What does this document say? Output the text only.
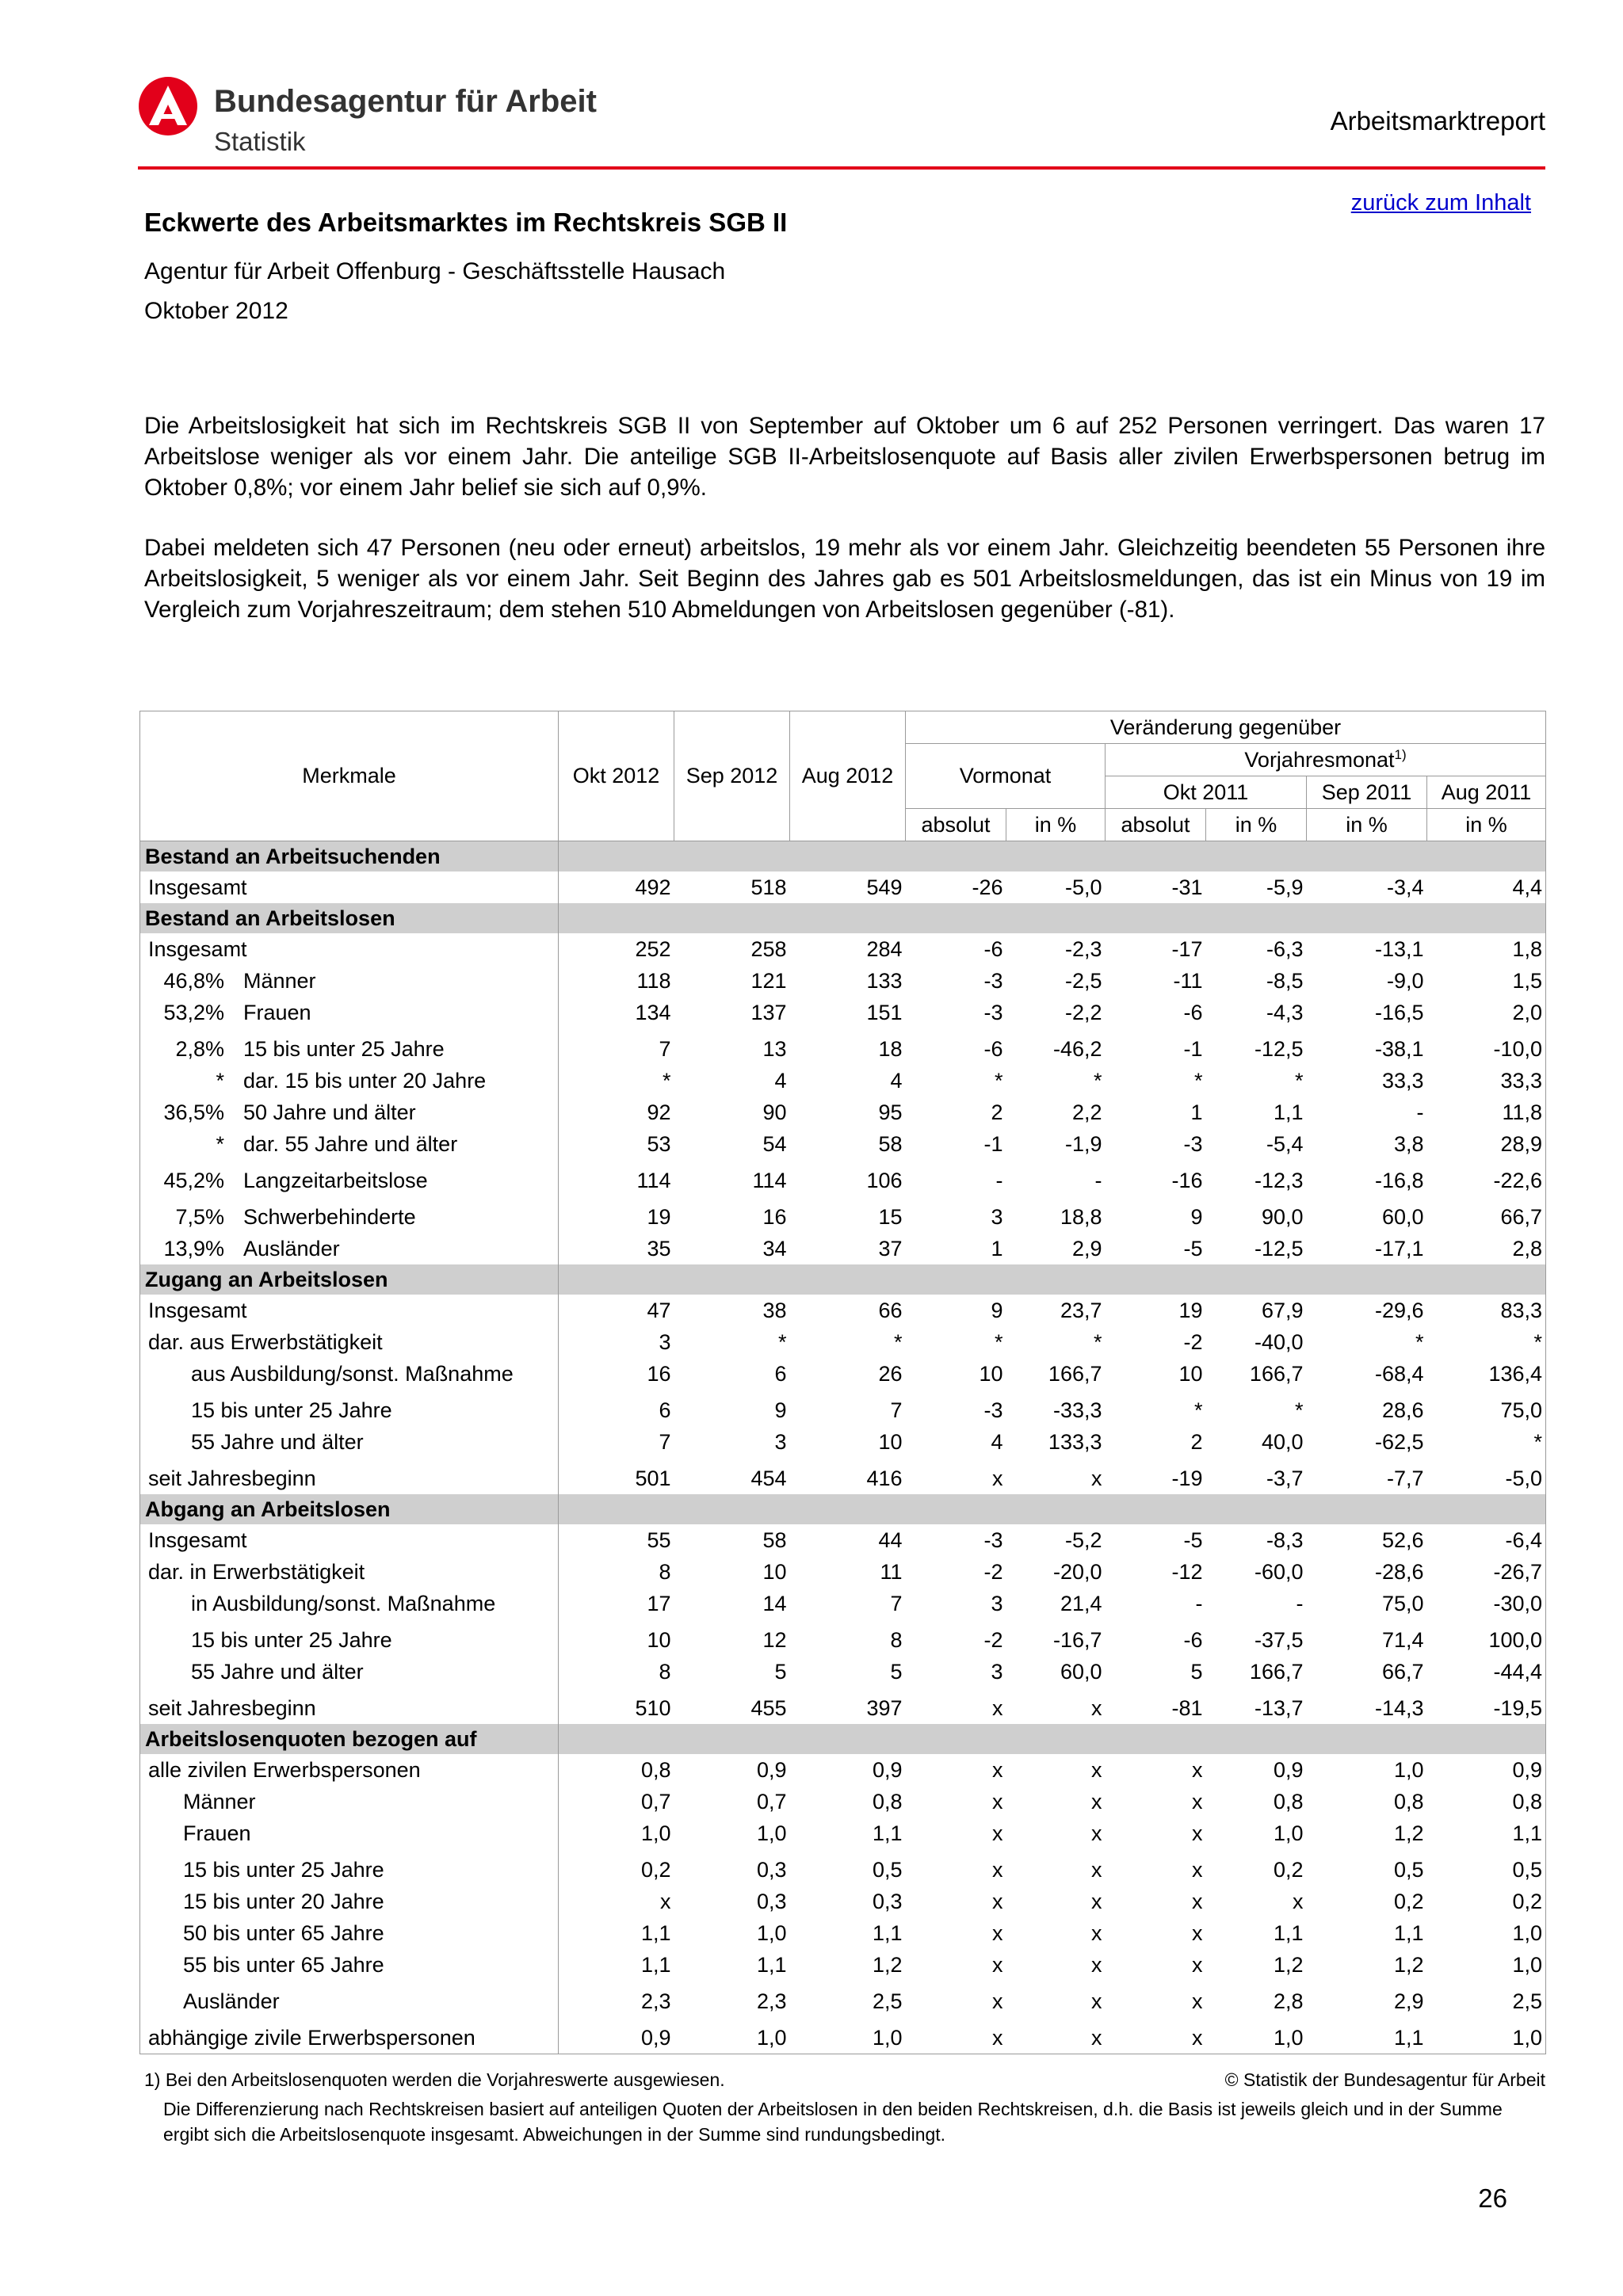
Bundesagentur für Arbeit
Statistik
Arbeitsmarktreport
zurück zum Inhalt
Eckwerte des Arbeitsmarktes im Rechtskreis SGB II
Agentur für Arbeit Offenburg - Geschäftsstelle Hausach
Oktober 2012

Die Arbeitslosigkeit hat sich im Rechtskreis SGB II von September auf Oktober um 6 auf 252 Personen verringert. Das waren 17 Arbeitslose weniger als vor einem Jahr. Die anteilige SGB II-Arbeitslosenquote auf Basis aller zivilen Erwerbspersonen betrug im Oktober 0,8%; vor einem Jahr belief sie sich auf 0,9%.

Dabei meldeten sich 47 Personen (neu oder erneut) arbeitslos, 19 mehr als vor einem Jahr. Gleichzeitig beendeten 55 Personen ihre Arbeitslosigkeit, 5 weniger als vor einem Jahr. Seit Beginn des Jahres gab es 501 Arbeitslosmeldungen, das ist ein Minus von 19 im Vergleich zum Vorjahreszeitraum; dem stehen 510 Abmeldungen von Arbeitslosen gegenüber (-81).

Merkmale	Okt 2012	Sep 2012	Aug 2012	Veränderung gegenüber					
				Vormonat		Vorjahresmonat$^{1)}$
						Okt 2011		Sep 2011	Aug 2011
				absolut	in %	absolut	in %	in %	in %
Bestand an Arbeitsuchenden									
Insgesamt	492	518	549	-26	-5,0	-31	-5,9	-3,4	4,4
Bestand an Arbeitslosen									
Insgesamt	252	258	284	-6	-2,3	-17	-6,3	-13,1	1,8
46,8% Männer	118	121	133	-3	-2,5	-11	-8,5	-9,0	1,5
53,2% Frauen	134	137	151	-3	-2,2	-6	-4,3	-16,5	2,0
2,8% 15 bis unter 25 Jahre	7	13	18	-6	-46,2	-1	-12,5	-38,1	-10,0
* dar. 15 bis unter 20 Jahre	*	4	4	*	*	*	*	33,3	33,3
36,5% 50 Jahre und älter	92	90	95	2	2,2	1	1,1	-	11,8
* dar. 55 Jahre und älter	53	54	58	-1	-1,9	-3	-5,4	3,8	28,9
45,2% Langzeitarbeitslose	114	114	106	-	-	-16	-12,3	-16,8	-22,6
7,5% Schwerbehinderte	19	16	15	3	18,8	9	90,0	60,0	66,7
13,9% Ausländer	35	34	37	1	2,9	-5	-12,5	-17,1	2,8
Zugang an Arbeitslosen									
Insgesamt	47	38	66	9	23,7	19	67,9	-29,6	83,3
dar. aus Erwerbstätigkeit	3	*	*	*	*	-2	-40,0	*	*
aus Ausbildung/sonst. Maßnahme	16	6	26	10	166,7	10	166,7	-68,4	136,4
15 bis unter 25 Jahre	6	9	7	-3	-33,3	*	*	28,6	75,0
55 Jahre und älter	7	3	10	4	133,3	2	40,0	-62,5	*
seit Jahresbeginn	501	454	416	x	x	-19	-3,7	-7,7	-5,0
Abgang an Arbeitslosen									
Insgesamt	55	58	44	-3	-5,2	-5	-8,3	52,6	-6,4
dar. in Erwerbstätigkeit	8	10	11	-2	-20,0	-12	-60,0	-28,6	-26,7
in Ausbildung/sonst. Maßnahme	17	14	7	3	21,4	-	-	75,0	-30,0
15 bis unter 25 Jahre	10	12	8	-2	-16,7	-6	-37,5	71,4	100,0
55 Jahre und älter	8	5	5	3	60,0	5	166,7	66,7	-44,4
seit Jahresbeginn	510	455	397	x	x	-81	-13,7	-14,3	-19,5
Arbeitslosenquoten bezogen auf									
alle zivilen Erwerbspersonen	0,8	0,9	0,9	x	x	x	0,9	1,0	0,9
Männer	0,7	0,7	0,8	x	x	x	0,8	0,8	0,8
Frauen	1,0	1,0	1,1	x	x	x	1,0	1,2	1,1
15 bis unter 25 Jahre	0,2	0,3	0,5	x	x	x	0,2	0,5	0,5
15 bis unter 20 Jahre	x	0,3	0,3	x	x	x	x	0,2	0,2
50 bis unter 65 Jahre	1,1	1,0	1,1	x	x	x	1,1	1,1	1,0
55 bis unter 65 Jahre	1,1	1,1	1,2	x	x	x	1,2	1,2	1,0
Ausländer	2,3	2,3	2,5	x	x	x	2,8	2,9	2,5
abhängige zivile Erwerbspersonen	0,9	1,0	1,0	x	x	x	1,0	1,1	1,0
1) Bei den Arbeitslosenquoten werden die Vorjahreswerte ausgewiesen.	© Statistik der Bundesagentur für Arbeit
Die Differenzierung nach Rechtskreisen basiert auf anteiligen Quoten der Arbeitslosen in den beiden Rechtskreisen, d.h. die Basis ist jeweils gleich und in der Summe ergibt sich die Arbeitslosenquote insgesamt. Abweichungen in der Summe sind rundungsbedingt.
26
